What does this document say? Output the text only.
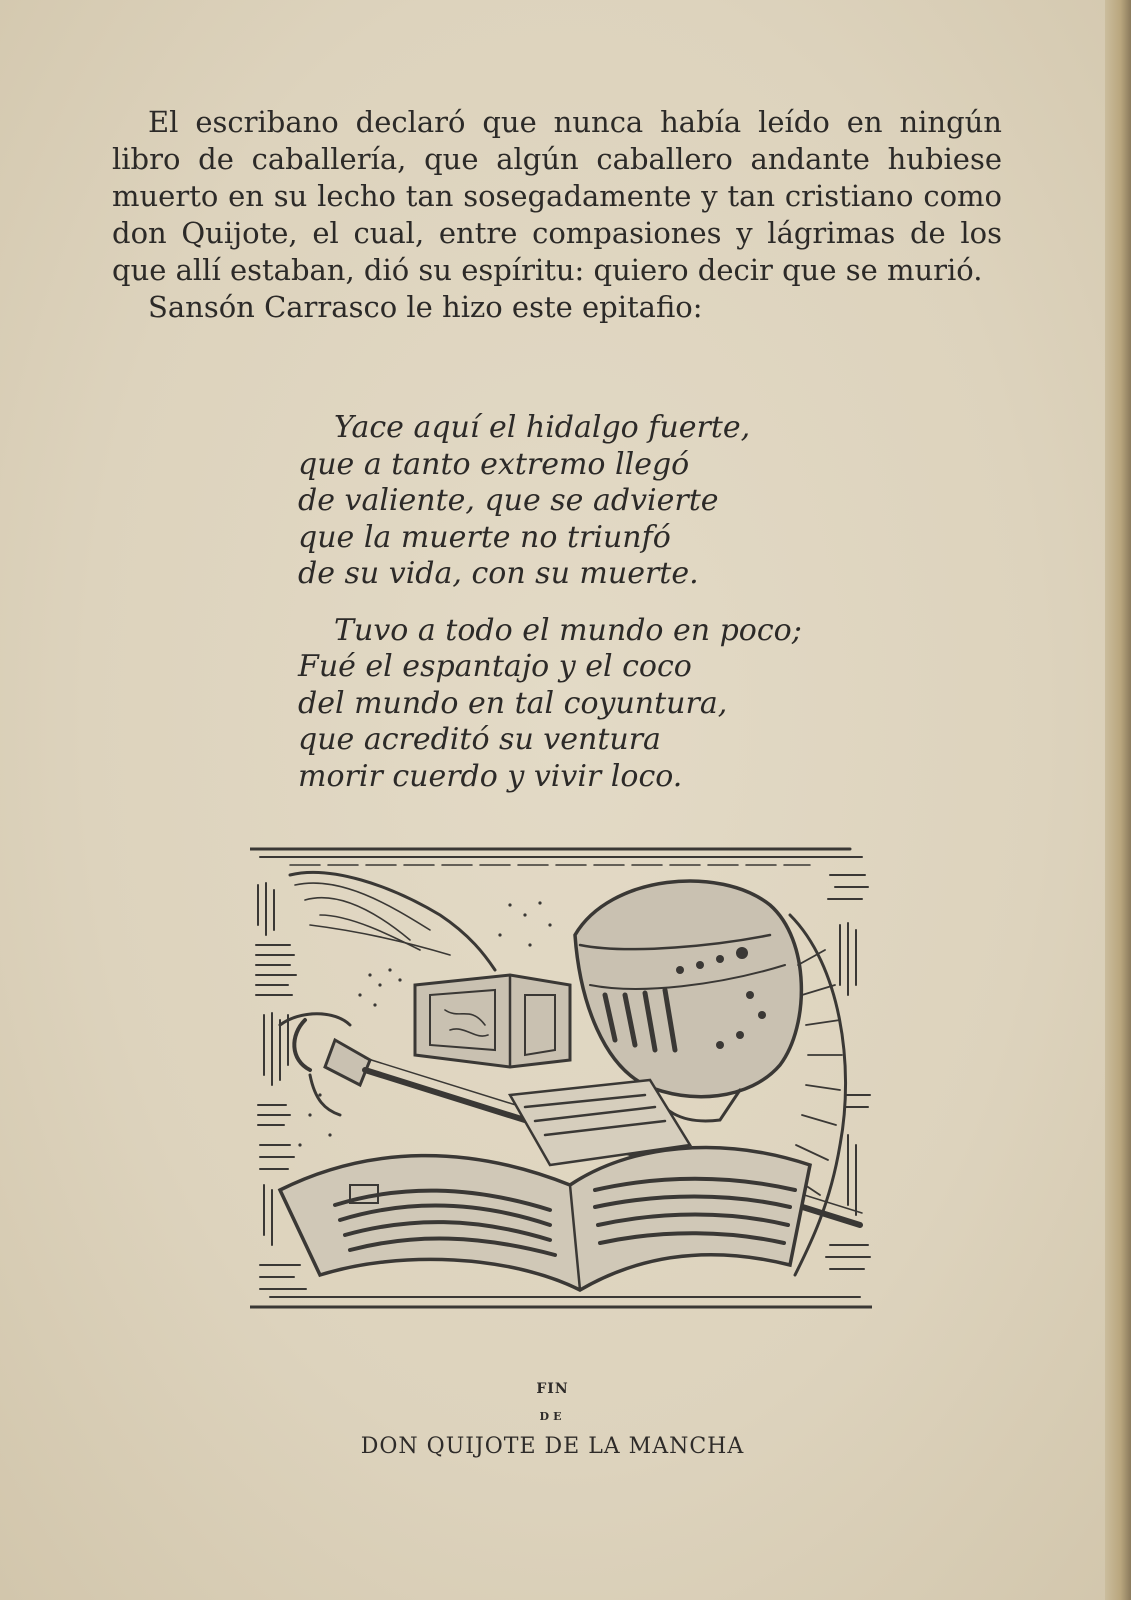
El escribano declaró que nunca había leído en ningún libro de caballería, que algún caballero andante hubiese muerto en su lecho tan sosegadamente y tan cristiano como don Quijote, el cual, entre compasiones y lágrimas de los que allí estaban, dió su espíritu: quiero decir que se murió.

Sansón Carrasco le hizo este epitafio:

Yace aquí el hidalgo fuerte,
que a tanto extremo llegó
de valiente, que se advierte
que la muerte no triunfó
de su vida, con su muerte.
Tuvo a todo el mundo en poco;
Fué el espantajo y el coco
del mundo en tal coyuntura,
que acreditó su ventura
morir cuerdo y vivir loco.
FIN
DE
DON QUIJOTE DE LA MANCHA
